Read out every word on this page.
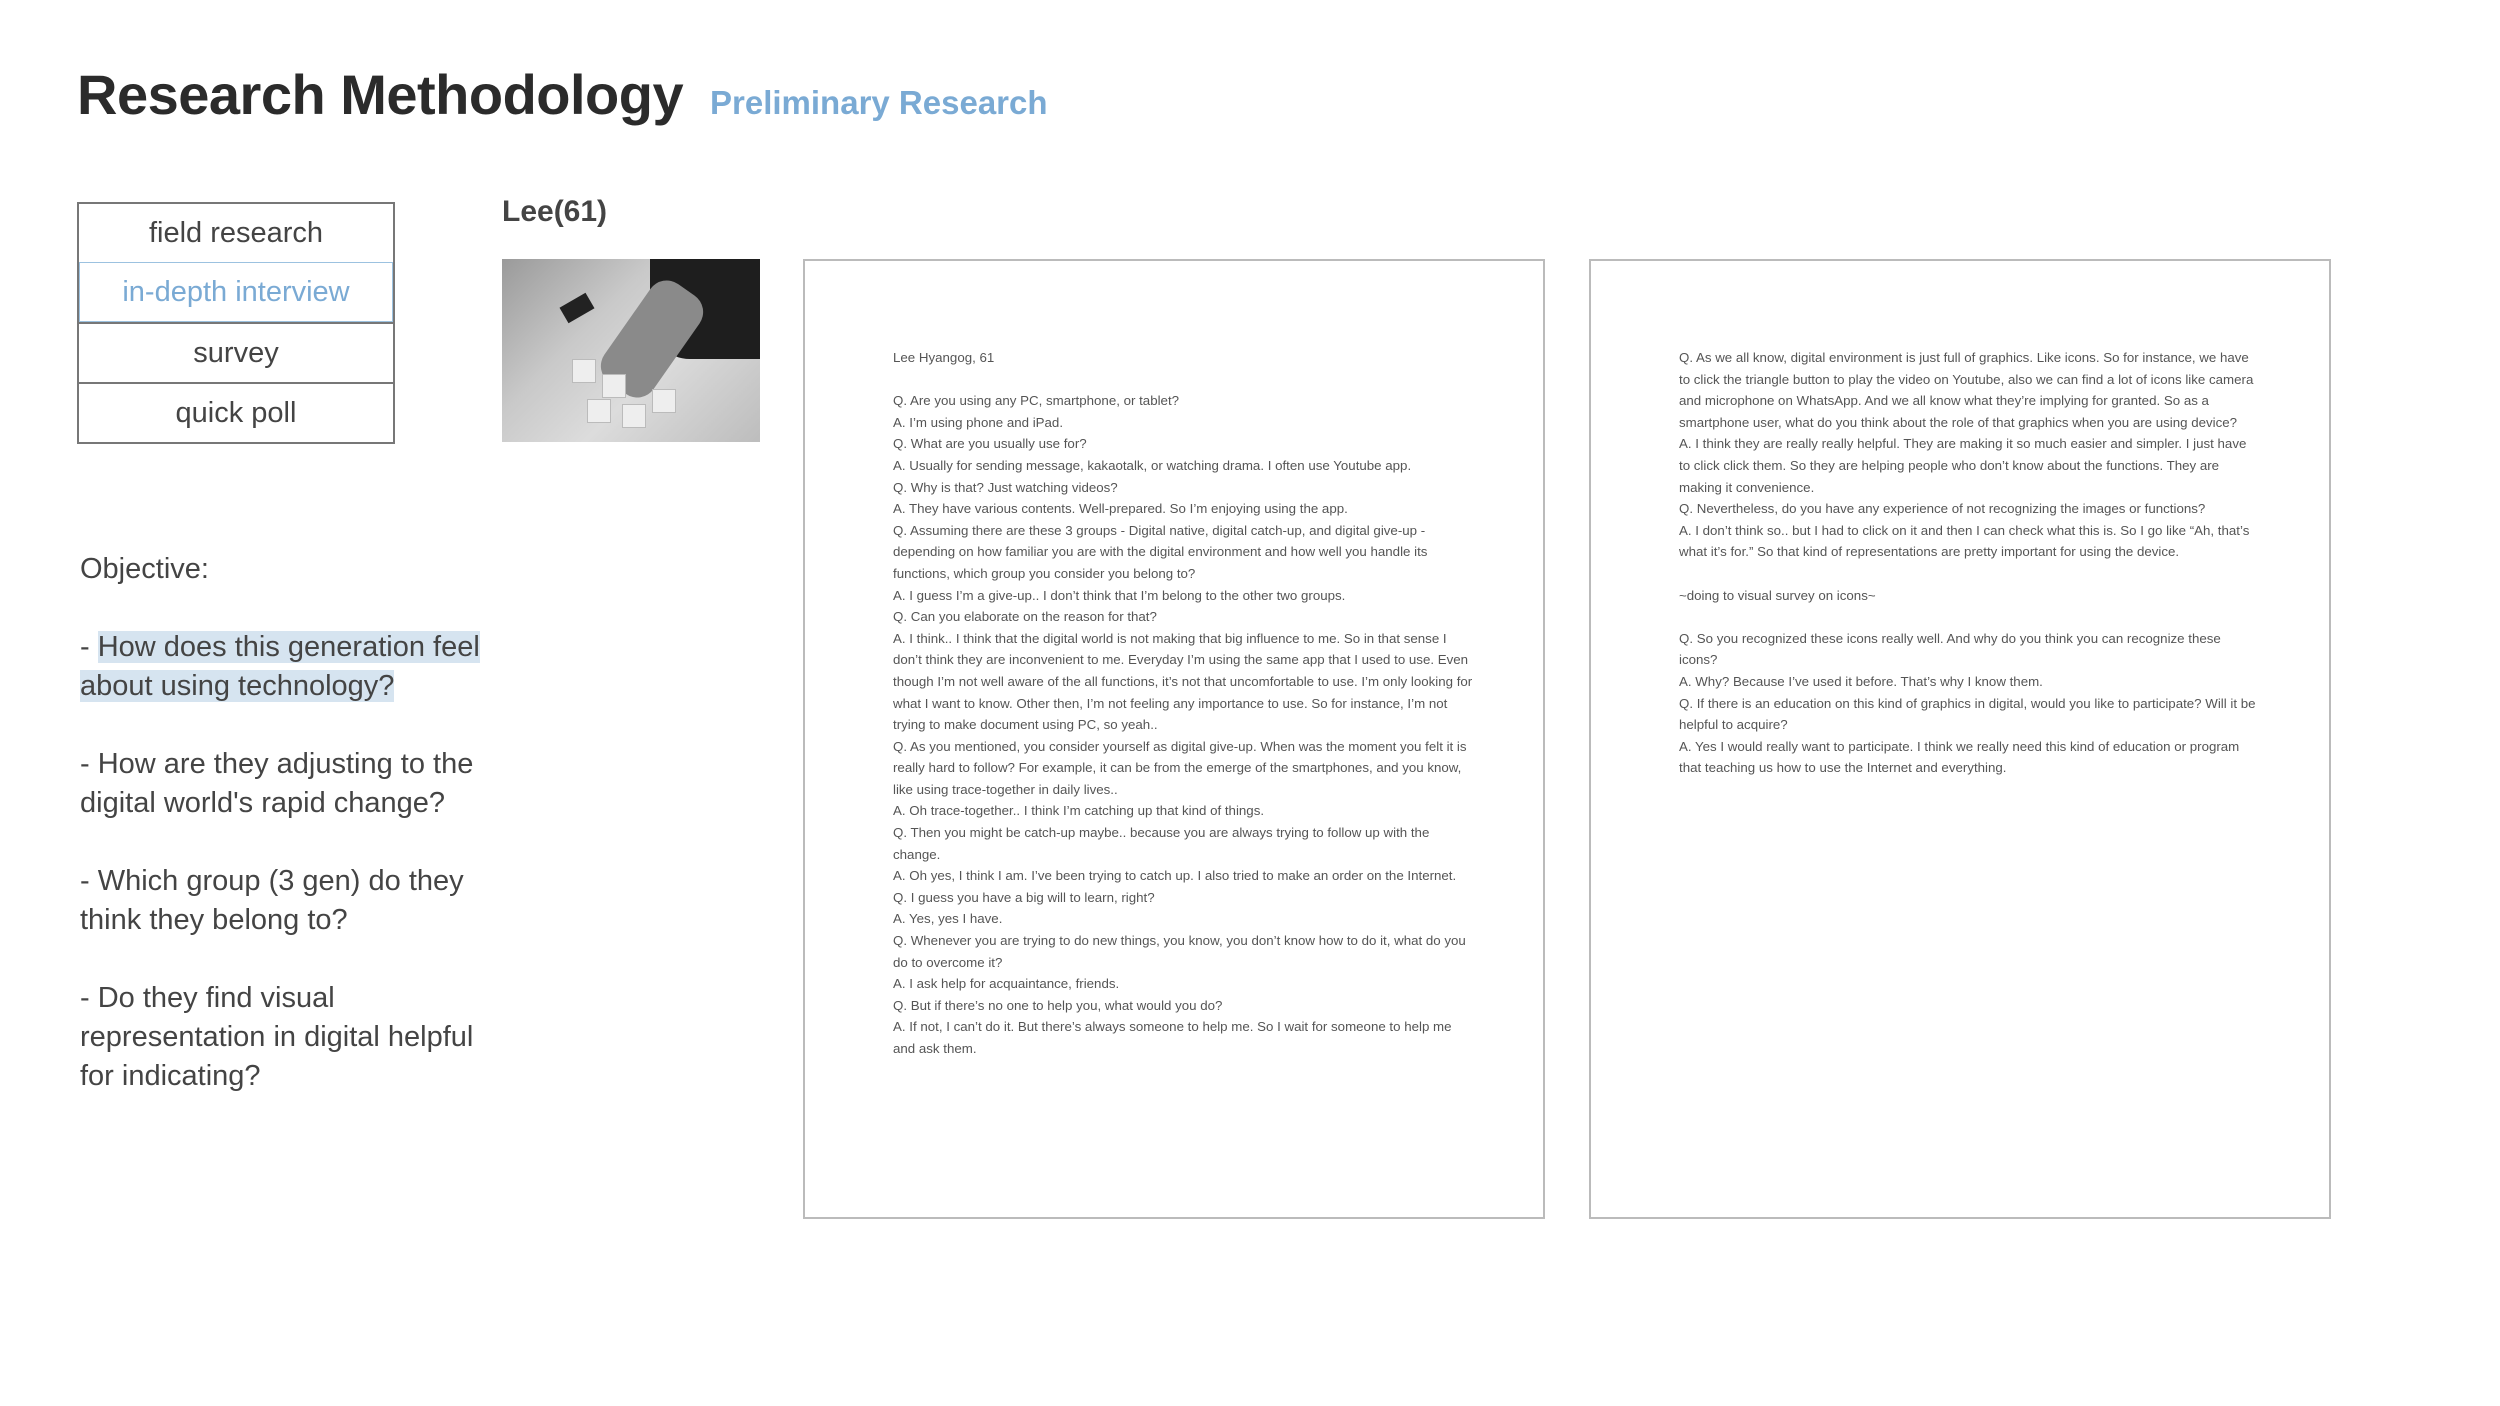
Research Methodology Preliminary Research
field research
in-depth interview
survey
quick poll

Objective:

- How does this generation feel about using technology?

- How are they adjusting to the digital world's rapid change?

- Which group (3 gen) do they think they belong to?

- Do they find visual representation in digital helpful for indicating?

Lee(61)

Lee Hyangog, 61

Q. Are you using any PC, smartphone, or tablet?

A. I’m using phone and iPad.

Q. What are you usually use for?

A. Usually for sending message, kakaotalk, or watching drama. I often use Youtube app.

Q. Why is that? Just watching videos?

A. They have various contents. Well-prepared. So I’m enjoying using the app.

Q. Assuming there are these 3 groups - Digital native, digital catch-up, and digital give-up - depending on how familiar you are with the digital environment and how well you handle its functions, which group you consider you belong to?

A. I guess I’m a give-up.. I don’t think that I’m belong to the other two groups.

Q. Can you elaborate on the reason for that?

A. I think.. I think that the digital world is not making that big influence to me. So in that sense I don’t think they are inconvenient to me. Everyday I’m using the same app that I used to use. Even though I’m not well aware of the all functions, it’s not that uncomfortable to use. I’m only looking for what I want to know. Other then, I’m not feeling any importance to use. So for instance, I’m not trying to make document using PC, so yeah..

Q. As you mentioned, you consider yourself as digital give-up. When was the moment you felt it is really hard to follow? For example, it can be from the emerge of the smartphones, and you know, like using trace-together in daily lives..

A. Oh trace-together.. I think I’m catching up that kind of things.

Q. Then you might be catch-up maybe.. because you are always trying to follow up with the change.

A. Oh yes, I think I am. I’ve been trying to catch up. I also tried to make an order on the Internet.

Q. I guess you have a big will to learn, right?

A. Yes, yes I have.

Q. Whenever you are trying to do new things, you know, you don’t know how to do it, what do you do to overcome it?

A. I ask help for acquaintance, friends.

Q. But if there’s no one to help you, what would you do?

A. If not, I can’t do it. But there’s always someone to help me. So I wait for someone to help me and ask them.

Q. As we all know, digital environment is just full of graphics. Like icons. So for instance, we have to click the triangle button to play the video on Youtube, also we can find a lot of icons like camera and microphone on WhatsApp. And we all know what they’re implying for granted. So as a smartphone user, what do you think about the role of that graphics when you are using device?

A. I think they are really really helpful. They are making it so much easier and simpler. I just have to click click them. So they are helping people who don’t know about the functions. They are making it convenience.

Q. Nevertheless, do you have any experience of not recognizing the images or functions?

A. I don’t think so.. but I had to click on it and then I can check what this is. So I go like “Ah, that’s what it’s for.” So that kind of representations are pretty important for using the device.

~doing to visual survey on icons~

Q. So you recognized these icons really well. And why do you think you can recognize these icons?

A. Why? Because I’ve used it before. That’s why I know them.

Q. If there is an education on this kind of graphics in digital, would you like to participate? Will it be helpful to acquire?

A. Yes I would really want to participate. I think we really need this kind of education or program that teaching us how to use the Internet and everything.
